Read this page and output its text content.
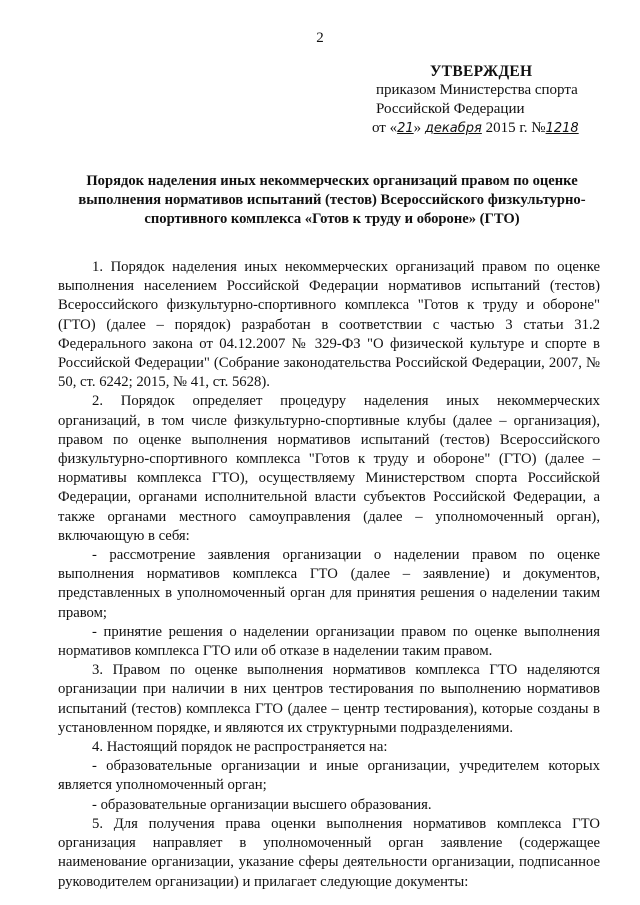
2
УТВЕРЖДЕН
приказом Министерства спорта
Российской Федерации
от «21» декабря 2015 г. №1218
Порядок наделения иных некоммерческих организаций правом по оценке выполнения нормативов испытаний (тестов) Всероссийского физкультурно-спортивного комплекса «Готов к труду и обороне» (ГТО)

1. Порядок наделения иных некоммерческих организаций правом по оценке выполнения населением Российской Федерации нормативов испытаний (тестов) Всероссийского физкультурно-спортивного комплекса "Готов к труду и обороне" (ГТО) (далее – порядок) разработан в соответствии с частью 3 статьи 31.2 Федерального закона от 04.12.2007 № 329-ФЗ "О физической культуре и спорте в Российской Федерации" (Собрание законодательства Российской Федерации, 2007, № 50, ст. 6242; 2015, № 41, ст. 5628).

2. Порядок определяет процедуру наделения иных некоммерческих организаций, в том числе физкультурно-спортивные клубы (далее – организация), правом по оценке выполнения нормативов испытаний (тестов) Всероссийского физкультурно-спортивного комплекса "Готов к труду и обороне" (ГТО) (далее – нормативы комплекса ГТО), осуществляему Министерством спорта Российской Федерации, органами исполнительной власти субъектов Российской Федерации, а также органами местного самоуправления (далее – уполномоченный орган), включающую в себя:

- рассмотрение заявления организации о наделении правом по оценке выполнения нормативов комплекса ГТО (далее – заявление) и документов, представленных в уполномоченный орган для принятия решения о наделении таким правом;

- принятие решения о наделении организации правом по оценке выполнения нормативов комплекса ГТО или об отказе в наделении таким правом.

3. Правом по оценке выполнения нормативов комплекса ГТО наделяются организации при наличии в них центров тестирования по выполнению нормативов испытаний (тестов) комплекса ГТО (далее – центр тестирования), которые созданы в установленном порядке, и являются их структурными подразделениями.

4. Настоящий порядок не распространяется на:

- образовательные организации и иные организации, учредителем которых является уполномоченный орган;

- образовательные организации высшего образования.

5. Для получения права оценки выполнения нормативов комплекса ГТО организация направляет в уполномоченный орган заявление (содержащее наименование организации, указание сферы деятельности организации, подписанное руководителем организации) и прилагает следующие документы:
